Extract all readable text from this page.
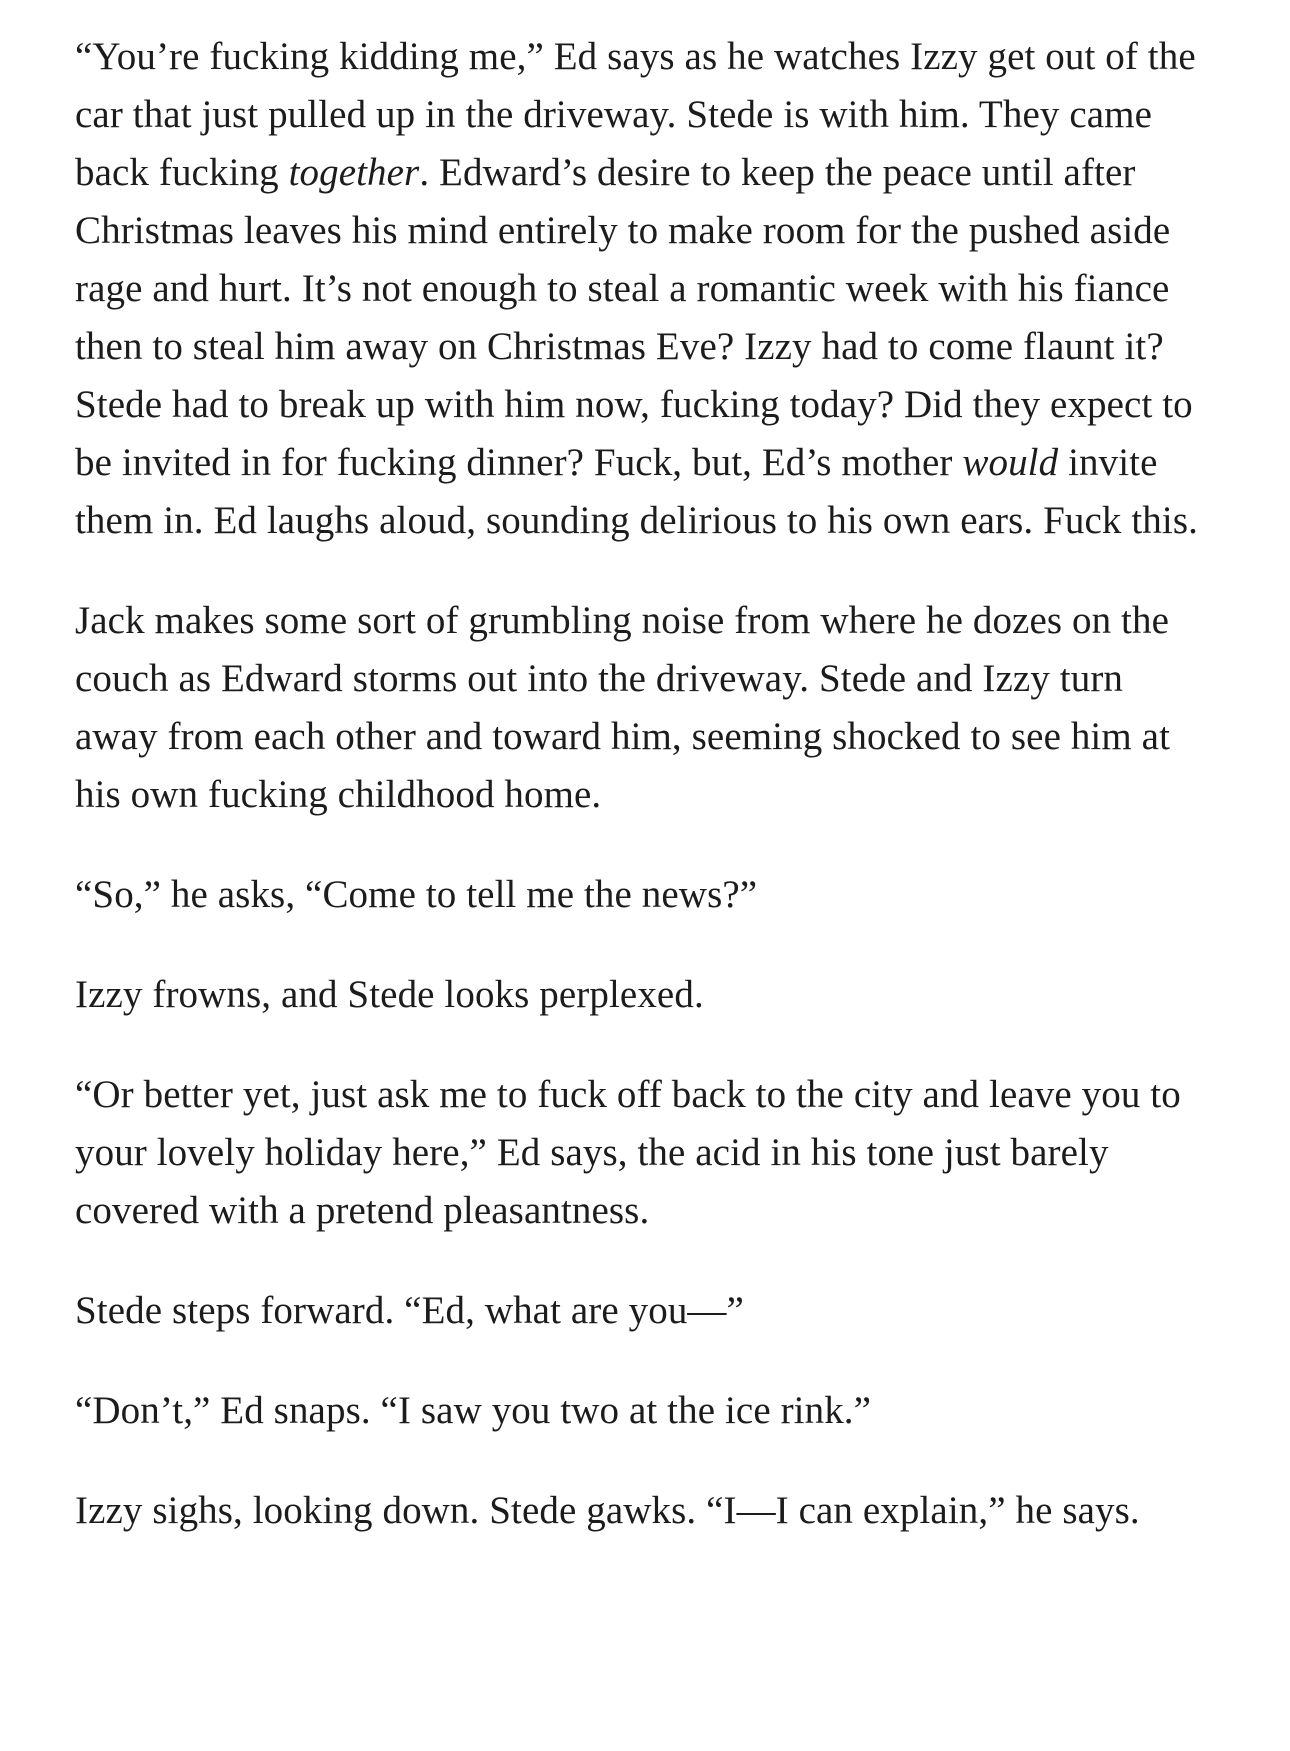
“You’re fucking kidding me,” Ed says as he watches Izzy get out of the car that just pulled up in the driveway. Stede is with him. They came back fucking together. Edward’s desire to keep the peace until after Christmas leaves his mind entirely to make room for the pushed aside rage and hurt. It’s not enough to steal a romantic week with his fiance then to steal him away on Christmas Eve? Izzy had to come flaunt it? Stede had to break up with him now, fucking today? Did they expect to be invited in for fucking dinner? Fuck, but, Ed’s mother would invite them in. Ed laughs aloud, sounding delirious to his own ears. Fuck this.

Jack makes some sort of grumbling noise from where he dozes on the couch as Edward storms out into the driveway. Stede and Izzy turn away from each other and toward him, seeming shocked to see him at his own fucking childhood home.

“So,” he asks, “Come to tell me the news?”

Izzy frowns, and Stede looks perplexed.

“Or better yet, just ask me to fuck off back to the city and leave you to your lovely holiday here,” Ed says, the acid in his tone just barely covered with a pretend pleasantness.

Stede steps forward. “Ed, what are you—”

“Don’t,” Ed snaps. “I saw you two at the ice rink.”

Izzy sighs, looking down. Stede gawks. “I—I can explain,” he says.
